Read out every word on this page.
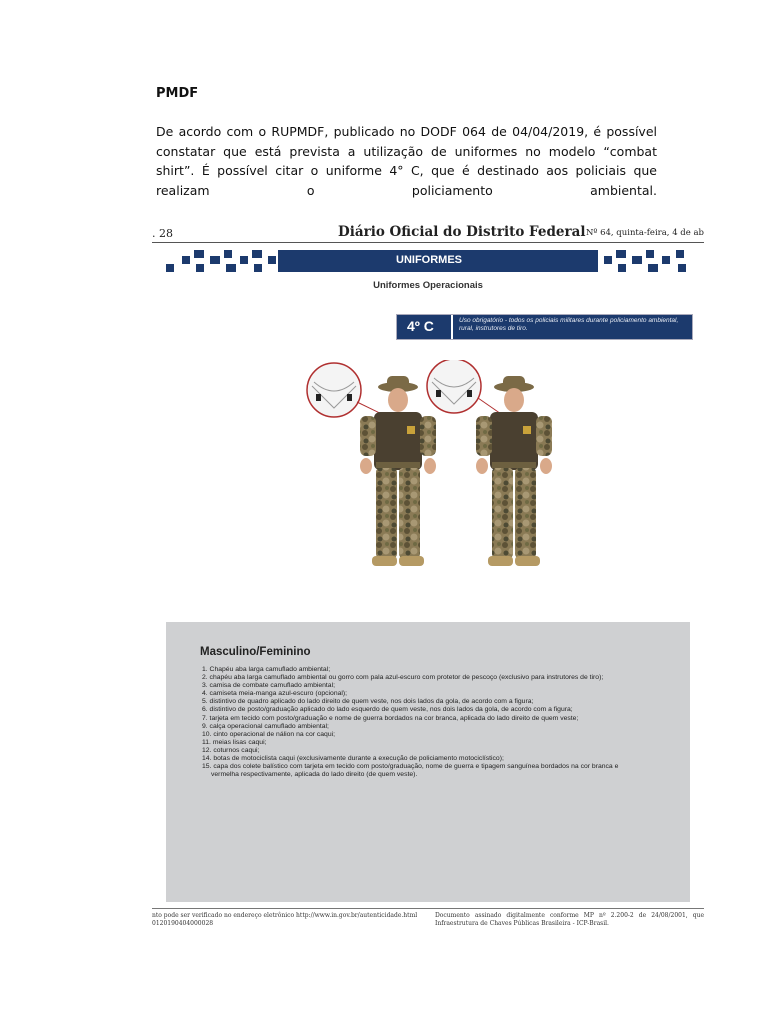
PMDF

De acordo com o RUPMDF, publicado no DODF 064 de 04/04/2019, é possível constatar que está prevista a utilização de uniformes no modelo “combat shirt”. É possível citar o uniforme 4° C, que é destinado aos policiais que realizam o policiamento ambiental.

. 28	Diário Oficial do Distrito Federal Nº 64, quinta-feira, 4 de ab
UNIFORMES
Uniformes Operacionais
4º C	Uso obrigatório - todos os policiais militares durante policiamento ambiental, rural, instrutores de tiro.

Masculino/Feminino

1. Chapéu aba larga camuflado ambiental;
2. chapéu aba larga camuflado ambiental ou gorro com pala azul-escuro com protetor de pescoço (exclusivo para instrutores de tiro);
3. camisa de combate camuflado ambiental;
4. camiseta meia-manga azul-escuro (opcional);
5. distintivo de quadro aplicado do lado direito de quem veste, nos dois lados da gola, de acordo com a figura;
6. distintivo de posto/graduação aplicado do lado esquerdo de quem veste, nos dois lados da gola, de acordo com a figura;
7. tarjeta em tecido com posto/graduação e nome de guerra bordados na cor branca, aplicada do lado direito de quem veste;
9. calça operacional camuflado ambiental;
10. cinto operacional de nálion na cor caqui;
11. meias lisas caqui;
12. coturnos caqui;
14. botas de motociclista caqui (exclusivamente durante a execução de policiamento motociclístico);
15. capa dos colete balístico com tarjeta em tecido com posto/graduação, nome de guerra e tipagem sanguínea bordados na cor branca e vermelha respectivamente, aplicada do lado direito (de quem veste).
nto pode ser verificado no endereço eletrônico http://www.in.gov.br/autenticidade.html 0120190404000028
Documento assinado digitalmente conforme MP nº 2.200-2 de 24/08/2001, que Infraestrutura de Chaves Públicas Brasileira - ICP-Brasil.
